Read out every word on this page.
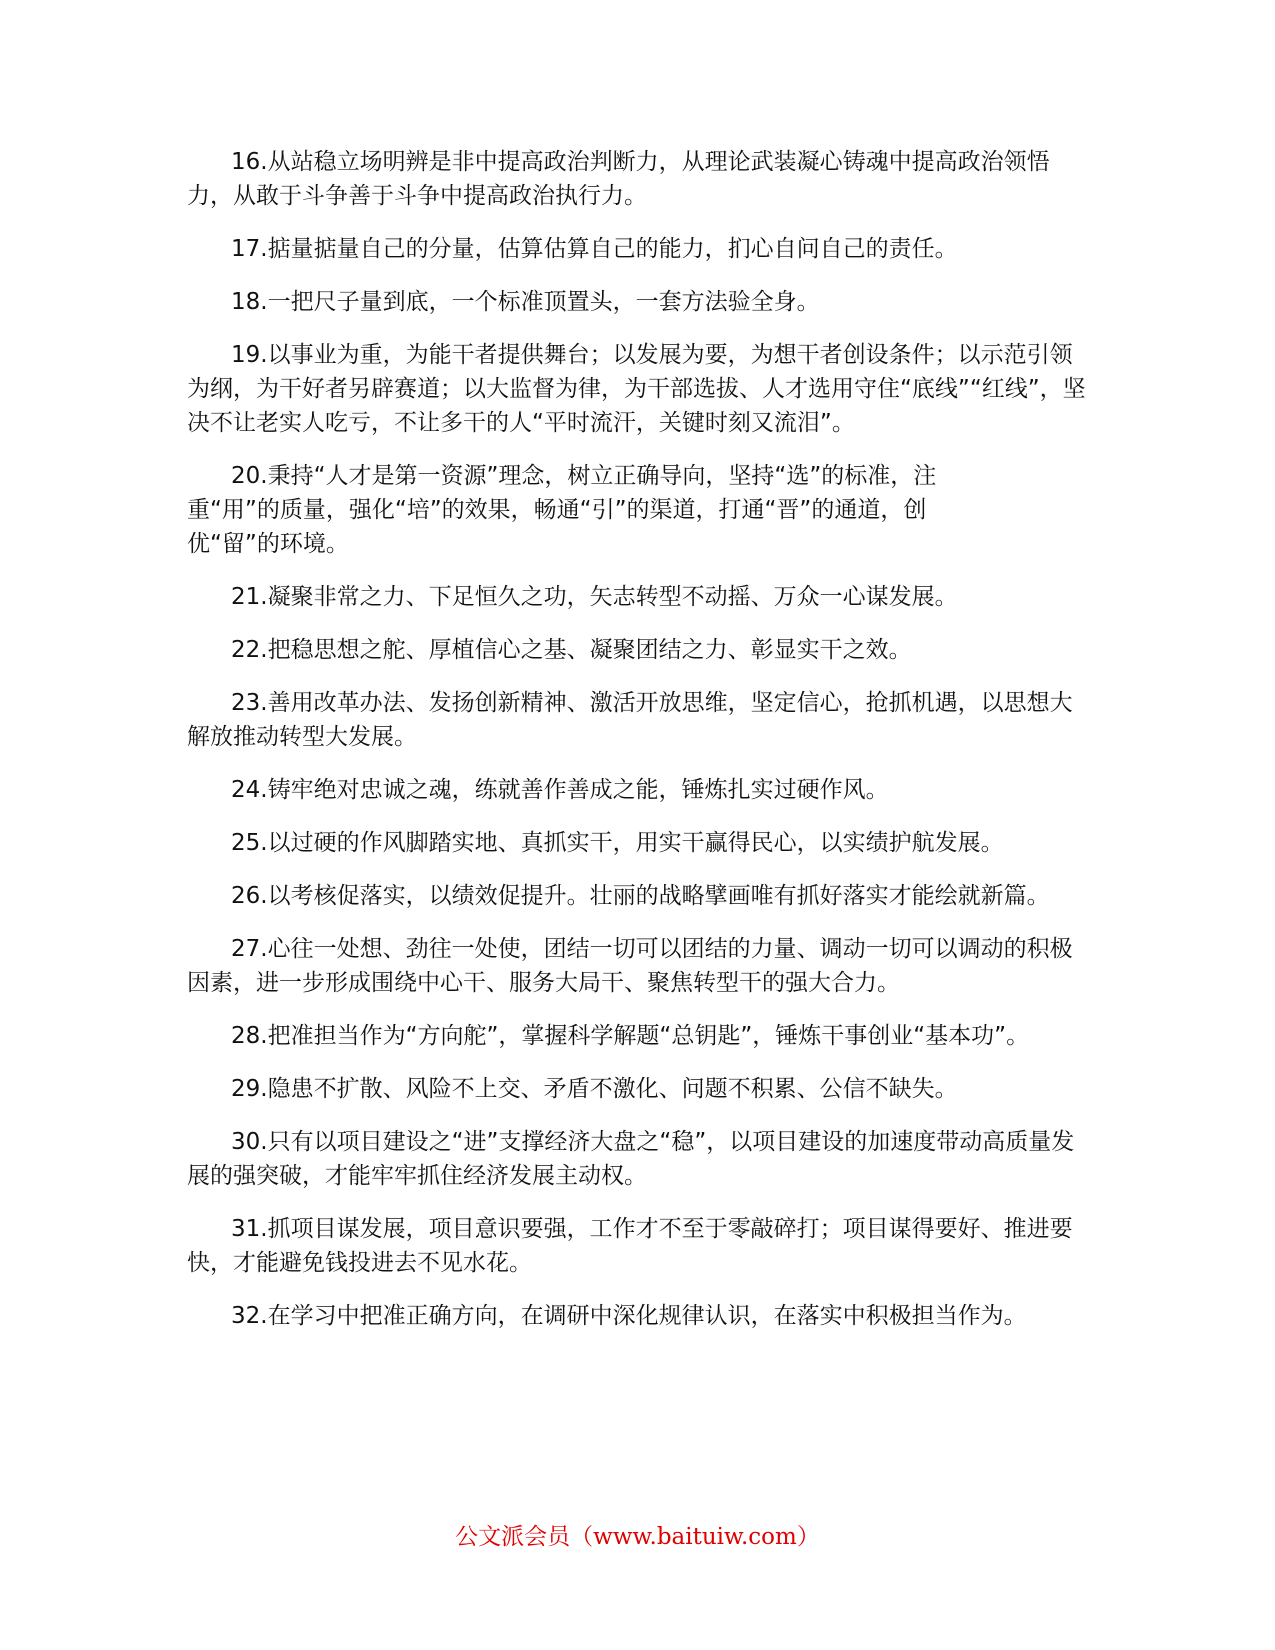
16.从站稳立场明辨是非中提高政治判断力，从理论武装凝心铸魂中提高政治领悟力，从敢于斗争善于斗争中提高政治执行力。

17.掂量掂量自己的分量，估算估算自己的能力，扪心自问自己的责任。

18.一把尺子量到底，一个标准顶置头，一套方法验全身。

19.以事业为重，为能干者提供舞台；以发展为要，为想干者创设条件；以示范引领为纲，为干好者另辟赛道；以大监督为律，为干部选拔、人才选用守住“底线”“红线”，坚决不让老实人吃亏，不让多干的人“平时流汗，关键时刻又流泪”。

20.秉持“人才是第一资源”理念，树立正确导向，坚持“选”的标准，注重“用”的质量，强化“培”的效果，畅通“引”的渠道，打通“晋”的通道，创优“留”的环境。

21.凝聚非常之力、下足恒久之功，矢志转型不动摇、万众一心谋发展。

22.把稳思想之舵、厚植信心之基、凝聚团结之力、彰显实干之效。

23.善用改革办法、发扬创新精神、激活开放思维，坚定信心，抢抓机遇，以思想大解放推动转型大发展。

24.铸牢绝对忠诚之魂，练就善作善成之能，锤炼扎实过硬作风。

25.以过硬的作风脚踏实地、真抓实干，用实干赢得民心，以实绩护航发展。

26.以考核促落实，以绩效促提升。壮丽的战略擘画唯有抓好落实才能绘就新篇。

27.心往一处想、劲往一处使，团结一切可以团结的力量、调动一切可以调动的积极因素，进一步形成围绕中心干、服务大局干、聚焦转型干的强大合力。

28.把准担当作为“方向舵”，掌握科学解题“总钥匙”，锤炼干事创业“基本功”。

29.隐患不扩散、风险不上交、矛盾不激化、问题不积累、公信不缺失。

30.只有以项目建设之“进”支撑经济大盘之“稳”，以项目建设的加速度带动高质量发展的强突破，才能牢牢抓住经济发展主动权。

31.抓项目谋发展，项目意识要强，工作才不至于零敲碎打；项目谋得要好、推进要快，才能避免钱投进去不见水花。

32.在学习中把准正确方向，在调研中深化规律认识，在落实中积极担当作为。

公文派会员（www.baituiw.com）
